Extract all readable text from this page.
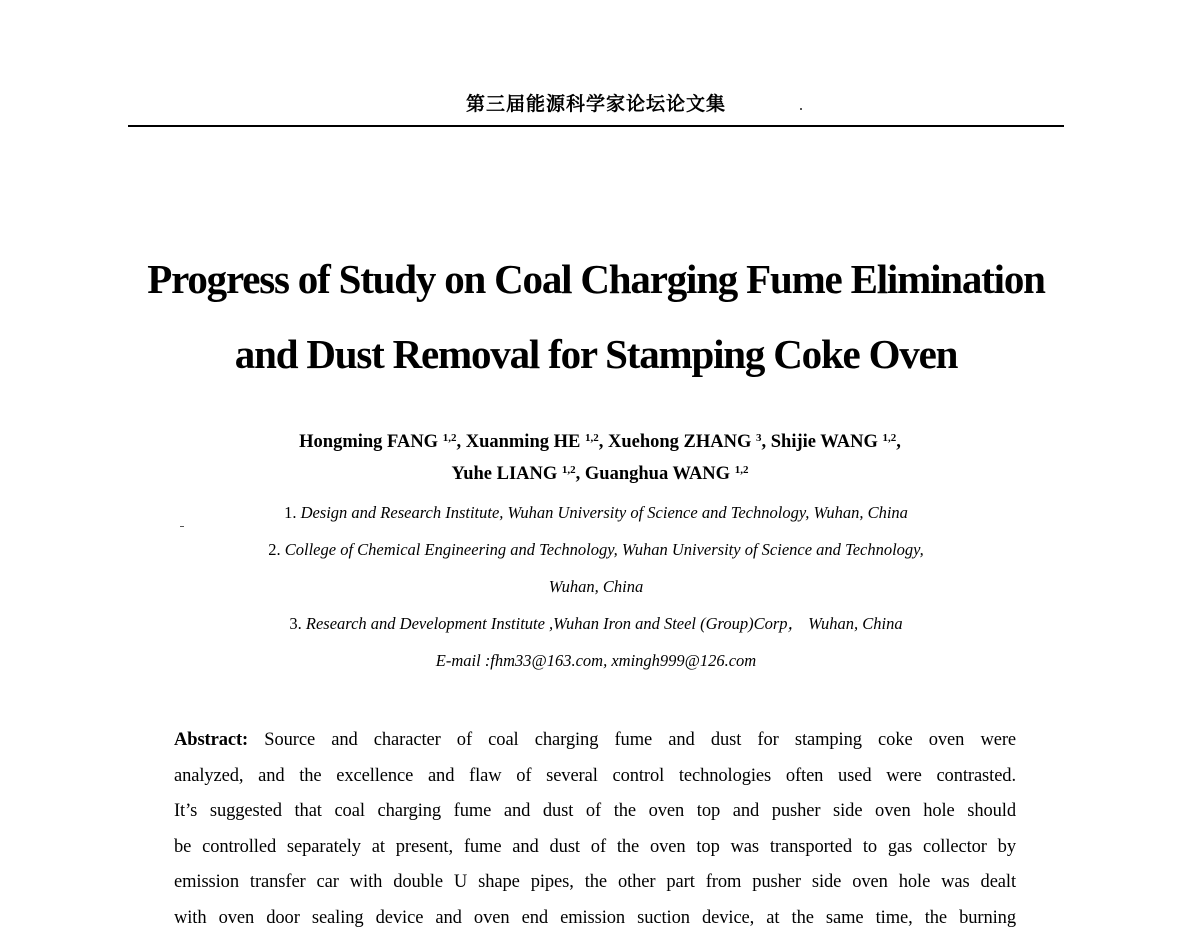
第三届能源科学家论坛论文集
Progress of Study on Coal Charging Fume Elimination
and Dust Removal for Stamping Coke Oven
Hongming FANG $^{1,2}$, Xuanming HE $^{1,2}$, Xuehong ZHANG $^3$, Shijie WANG $^{1,2}$,
Yuhe LIANG $^{1,2}$, Guanghua WANG $^{1,2}$
1. Design and Research Institute, Wuhan University of Science and Technology, Wuhan, China
2. College of Chemical Engineering and Technology, Wuhan University of Science and Technology,
Wuhan, China
3. Research and Development Institute ,Wuhan Iron and Steel (Group)Corp， Wuhan, China
E-mail :fhm33@163.com, xmingh999@126.com
Abstract: Source and character of coal charging fume and dust for stamping coke oven were
analyzed, and the excellence and flaw of several control technologies often used were contrasted.
It’s suggested that coal charging fume and dust of the oven top and pusher side oven hole should
be controlled separately at present, fume and dust of the oven top was transported to gas collector by
emission transfer car with double U shape pipes, the other part from pusher side oven hole was dealt
with oven door sealing device and oven end emission suction device, at the same time, the burning
